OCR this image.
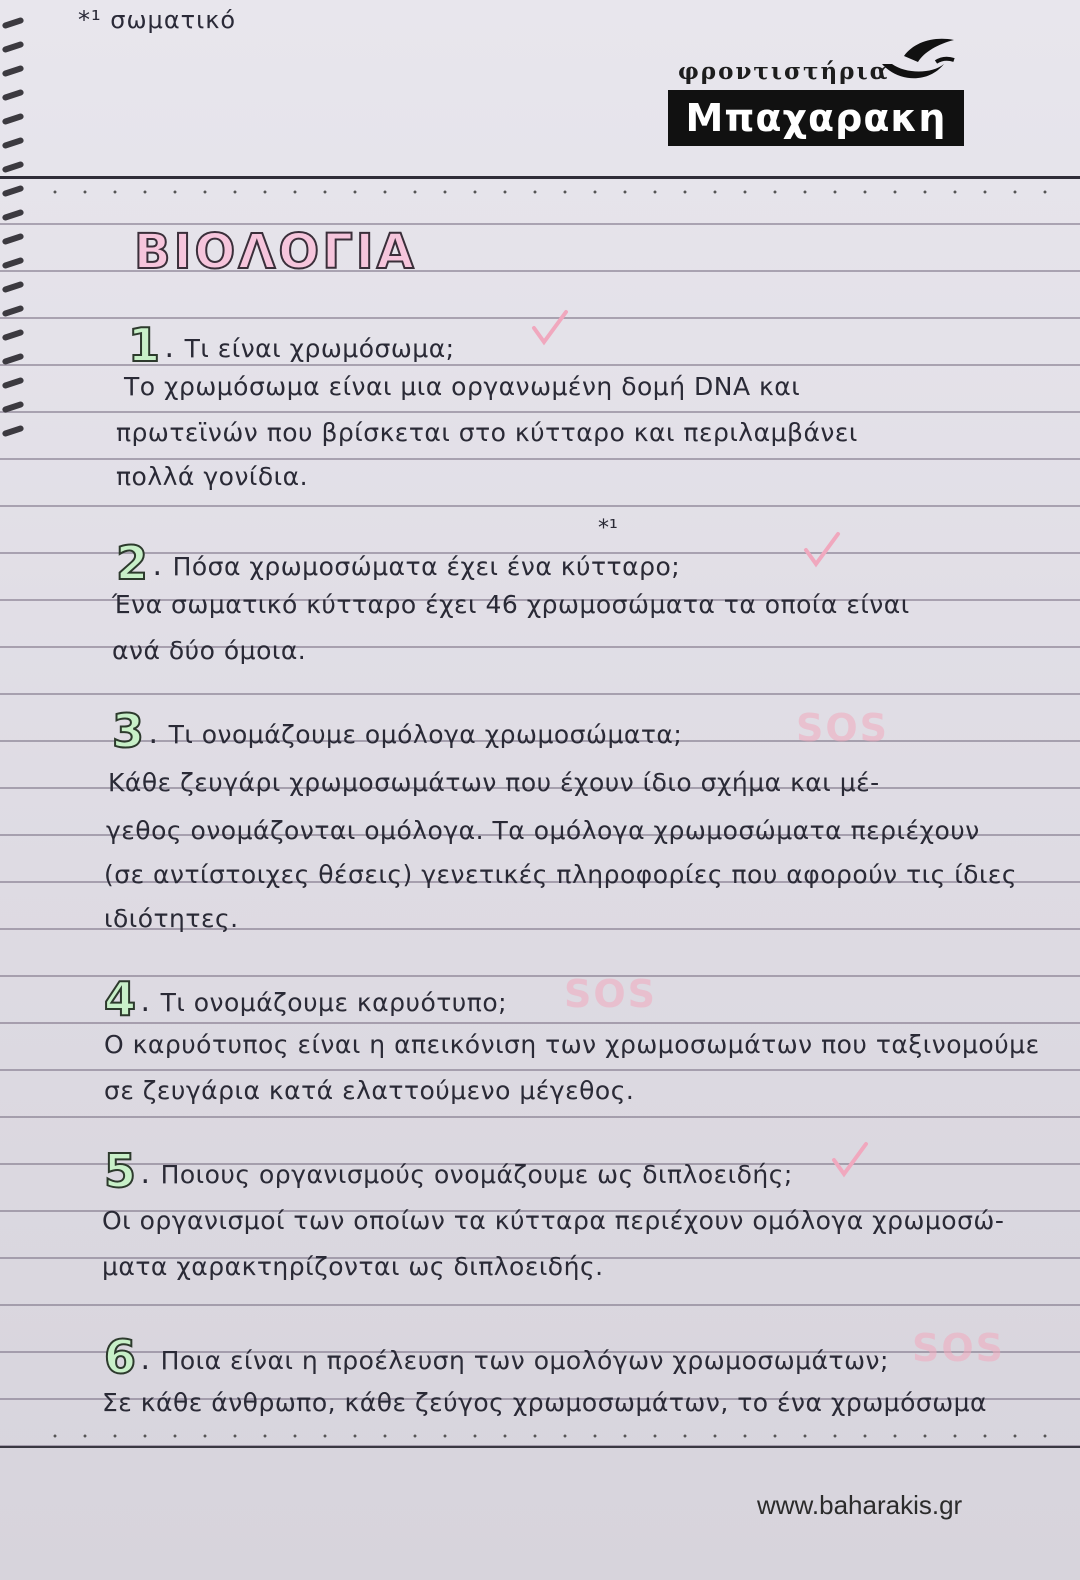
*¹ σωματικό
φροντιστήρια
Μπαχαρακη
ΒΙΟΛΟΓΙΑ
1 . Τι είναι χρωμόσωμα;
Το χρωμόσωμα είναι μια οργανωμένη δομή DNA και
πρωτεϊνών που βρίσκεται στο κύτταρο και περιλαμβάνει
πολλά γονίδια.
*¹
2 . Πόσα χρωμοσώματα έχει ένα κύτταρο;
Ένα σωματικό κύτταρο έχει 46 χρωμοσώματα τα οποία είναι
ανά δύο όμοια.
3 . Τι ονομάζουμε ομόλογα χρωμοσώματα;	SOS
Κάθε ζευγάρι χρωμοσωμάτων που έχουν ίδιο σχήμα και μέ-
γεθος ονομάζονται ομόλογα. Τα ομόλογα χρωμοσώματα περιέχουν
(σε αντίστοιχες θέσεις) γενετικές πληροφορίες που αφορούν τις ίδιες
ιδιότητες.
4 . Τι ονομάζουμε καρυότυπο; SOS
Ο καρυότυπος είναι η απεικόνιση των χρωμοσωμάτων που ταξινομούμε
σε ζευγάρια κατά ελαττούμενο μέγεθος.
5 . Ποιους οργανισμούς ονομάζουμε ως διπλοειδής;
Οι οργανισμοί των οποίων τα κύτταρα περιέχουν ομόλογα χρωμοσώ-
ματα χαρακτηρίζονται ως διπλοειδής.
6 . Ποια είναι η προέλευση των ομολόγων χρωμοσωμάτων; SOS
Σε κάθε άνθρωπο, κάθε ζεύγος χρωμοσωμάτων, το ένα χρωμόσωμα
www.baharakis.gr
